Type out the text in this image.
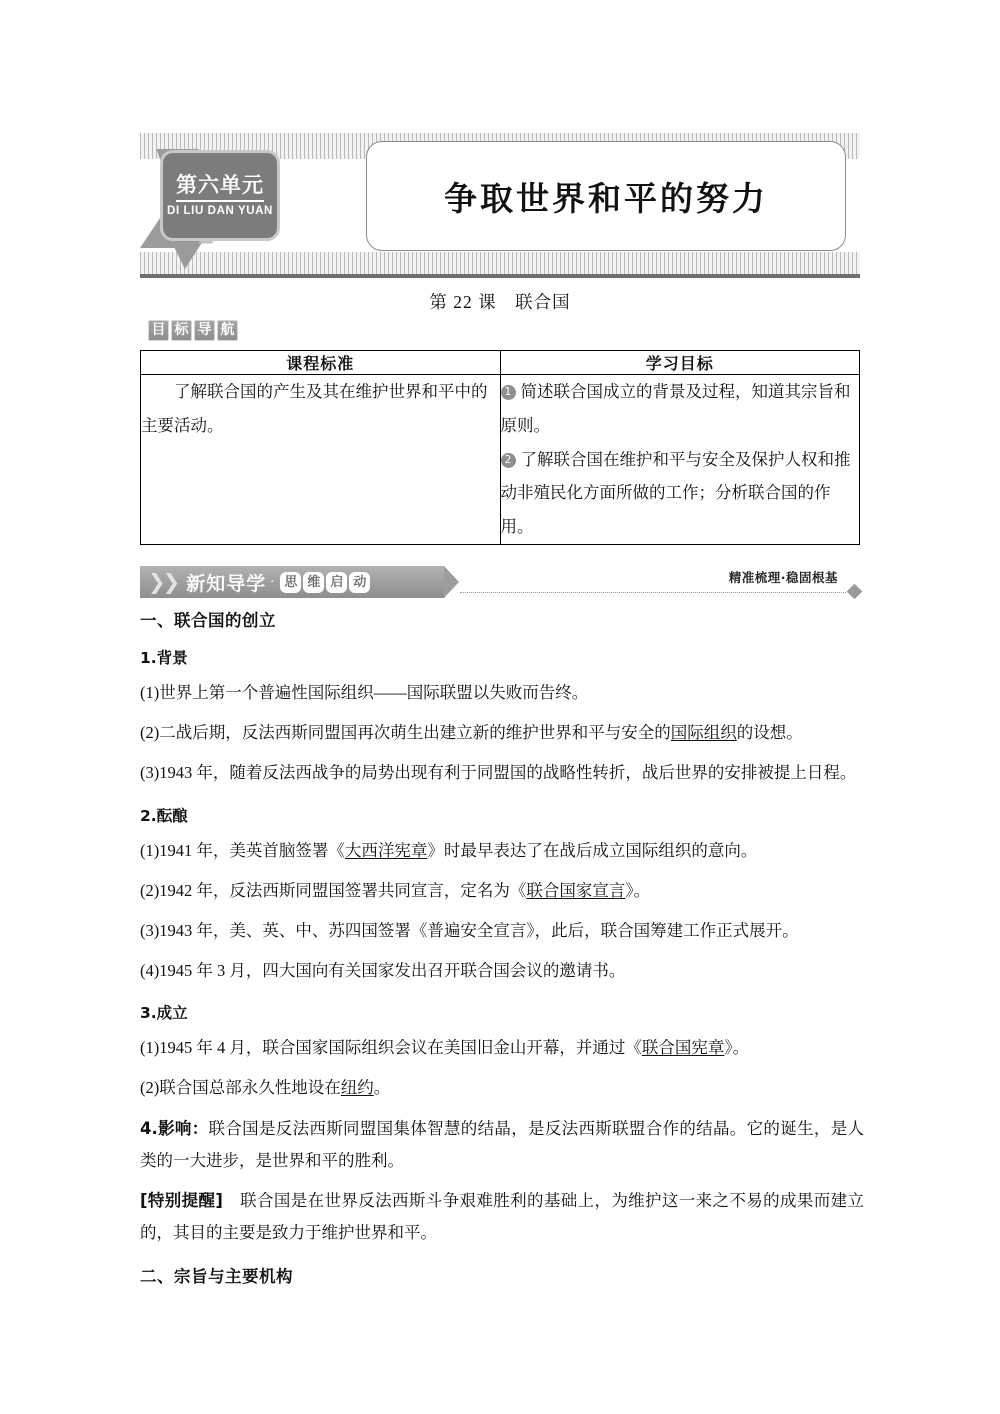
第六单元
DI LIU DAN YUAN	争取世界和平的努力
第 22 课　联合国
目 标 导 航
课程标准	学习目标

了解联合国的产生及其在维护世界和平中的主要活动。	1 简述联合国成立的背景及过程，知道其宗旨和原则。

2 了解联合国在维护和平与安全及保护人权和推动非殖民化方面所做的工作；分析联合国的作用。

❯❯ 新知导学 · 思 维 启 动	精准梳理·稳固根基
一、联合国的创立
1.背景

(1)世界上第一个普遍性国际组织——国际联盟以失败而告终。

(2)二战后期，反法西斯同盟国再次萌生出建立新的维护世界和平与安全的国际组织的设想。

(3)1943 年，随着反法西战争的局势出现有利于同盟国的战略性转折，战后世界的安排被提上日程。

2.酝酿

(1)1941 年，美英首脑签署《大西洋宪章》时最早表达了在战后成立国际组织的意向。

(2)1942 年，反法西斯同盟国签署共同宣言，定名为《联合国家宣言》。

(3)1943 年，美、英、中、苏四国签署《普遍安全宣言》，此后，联合国筹建工作正式展开。

(4)1945 年 3 月，四大国向有关国家发出召开联合国会议的邀请书。

3.成立

(1)1945 年 4 月，联合国家国际组织会议在美国旧金山开幕，并通过《联合国宪章》。

(2)联合国总部永久性地设在纽约。

4.影响：联合国是反法西斯同盟国集体智慧的结晶，是反法西斯联盟合作的结晶。它的诞生，是人类的一大进步，是世界和平的胜利。

[特别提醒]　联合国是在世界反法西斯斗争艰难胜利的基础上，为维护这一来之不易的成果而建立的，其目的主要是致力于维护世界和平。

二、宗旨与主要机构
